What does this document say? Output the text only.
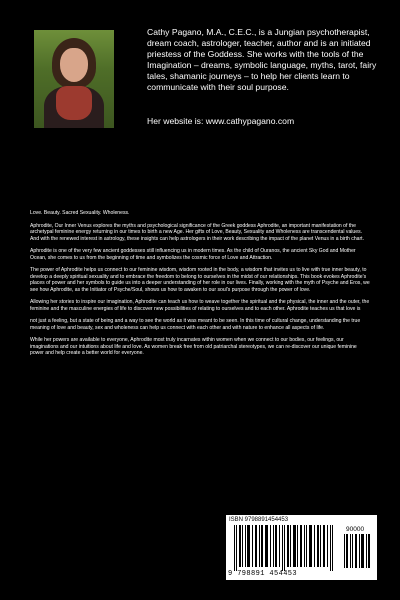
Cathy Pagano, M.A., C.E.C., is a Jungian psychotherapist, dream coach, astrologer, teacher, author and is an initiated priestess of the Goddess. She works with the tools of the Imagination – dreams, symbolic language, myths, tarot, fairy tales, shamanic journeys – to help her clients learn to communicate with their soul purpose.

Her website is: www.cathypagano.com

Love. Beauty. Sacred Sexuality. Wholeness.

Aphrodite, Our Inner Venus explores the myths and psychological significance of the Greek goddess Aphrodite, an important manifestation of the archetypal feminine energy returning in our times to birth a new Age. Her gifts of Love, Beauty, Sexuality and Wholeness are transcendental values. And with the renewed interest in astrology, these insights can help astrologers in their work describing the impact of the planet Venus in a birth chart.

Aphrodite is one of the very few ancient goddesses still influencing us in modern times. As the child of Ouranos, the ancient Sky God and Mother Ocean, she comes to us from the beginning of time and symbolizes the cosmic force of Love and Attraction.

The power of Aphrodite helps us connect to our feminine wisdom, wisdom rooted in the body, a wisdom that invites us to live with true inner beauty, to develop a deeply spiritual sexuality and to embrace the freedom to belong to ourselves in the midst of our relationships. This book evokes Aphrodite's places of power and her symbols to guide us into a deeper understanding of her role in our lives. Finally, working with the myth of Psyche and Eros, we see how Aphrodite, as the Initiator of Psyche/Soul, shows us how to awaken to our soul's purpose through the power of love.

Allowing her stories to inspire our imagination, Aphrodite can teach us how to weave together the spiritual and the physical, the inner and the outer, the feminine and the masculine energies of life to discover new possibilities of relating to ourselves and to each other. Aphrodite teaches us that love is

not just a feeling, but a state of being and a way to see the world as it was meant to be seen. In this time of cultural change, understanding the true meaning of love and beauty, sex and wholeness can help us connect with each other and with nature to enhance all aspects of life.

While her powers are available to everyone, Aphrodite most truly incarnates within women when we connect to our bodies, our feelings, our imaginations and our intuitions about life and love. As women break free from old patriarchal stereotypes, we can re-discover our unique feminine power and help create a better world for everyone.

ISBN 9798891454453
90000
9 798891 454453
